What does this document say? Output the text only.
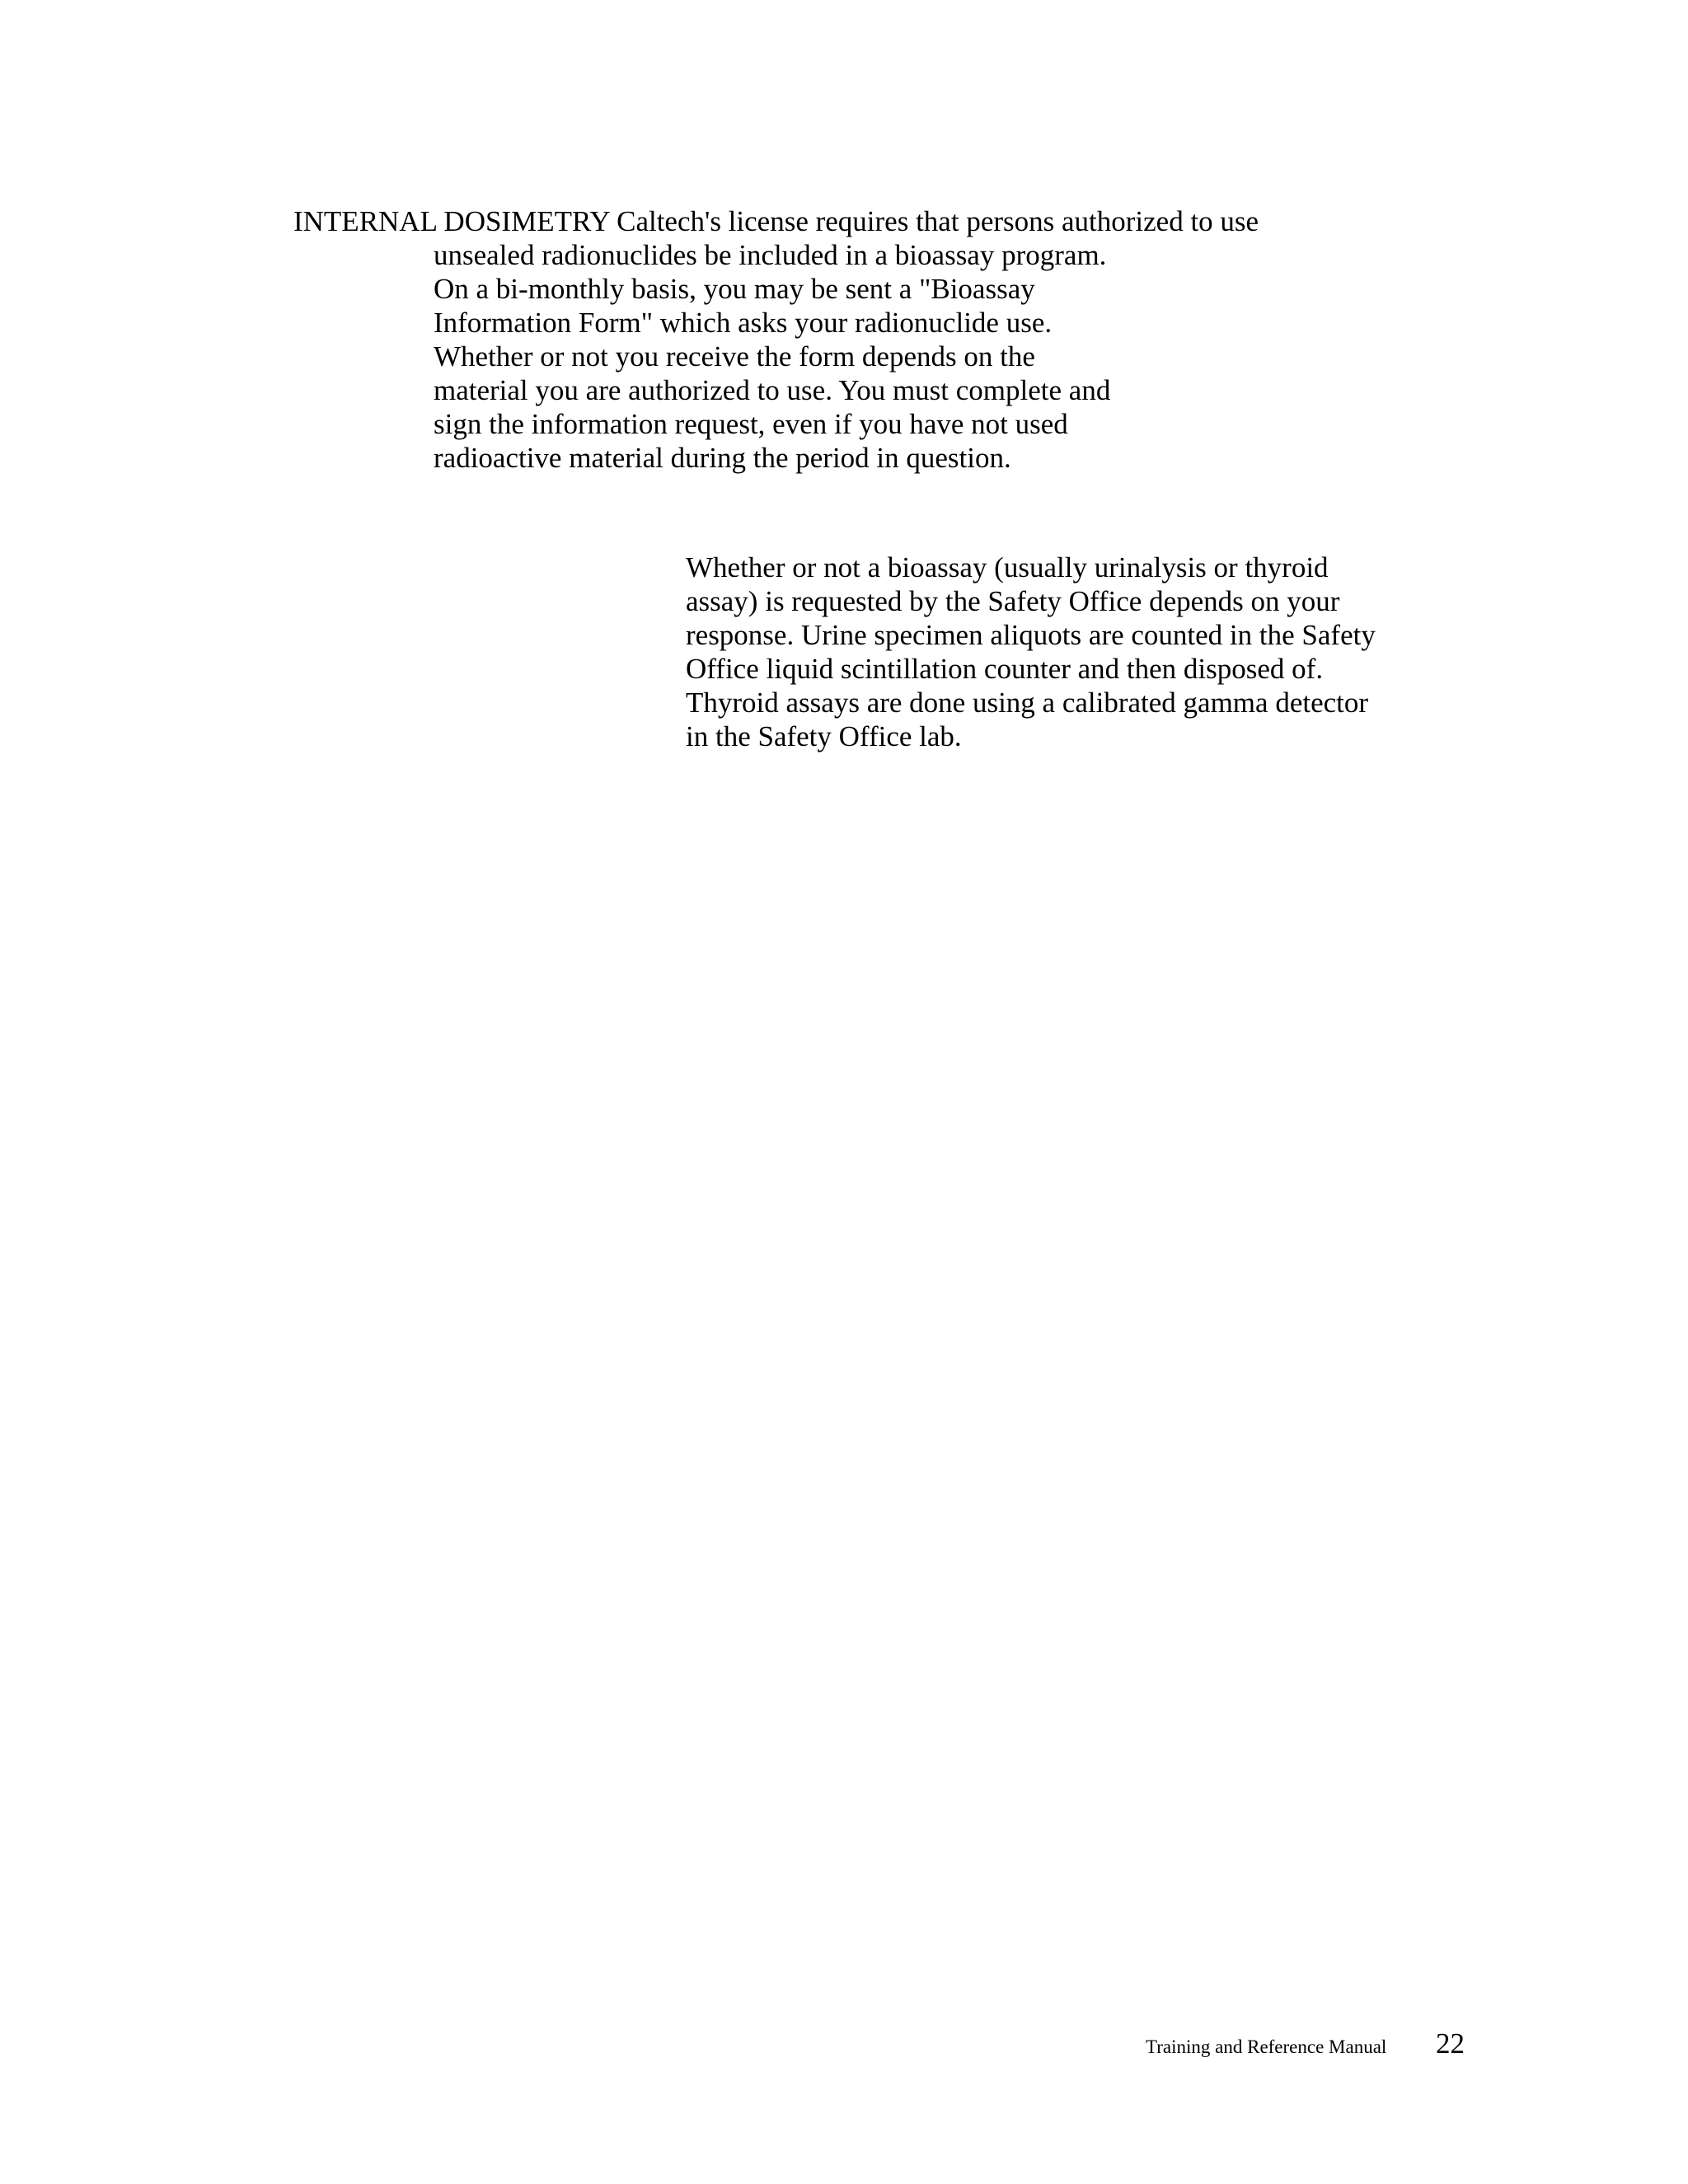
INTERNAL DOSIMETRY Caltech's license requires that persons authorized to use
unsealed radionuclides be included in a bioassay program.
On a bi-monthly basis, you may be sent a "Bioassay
Information Form" which asks your radionuclide use.
Whether or not you receive the form depends on the
material you are authorized to use. You must complete and
sign the information request, even if you have not used
radioactive material during the period in question.
Whether or not a bioassay (usually urinalysis or thyroid
assay) is requested by the Safety Office depends on your
response. Urine specimen aliquots are counted in the Safety
Office liquid scintillation counter and then disposed of.
Thyroid assays are done using a calibrated gamma detector
in the Safety Office lab.
Training and Reference Manual 22
